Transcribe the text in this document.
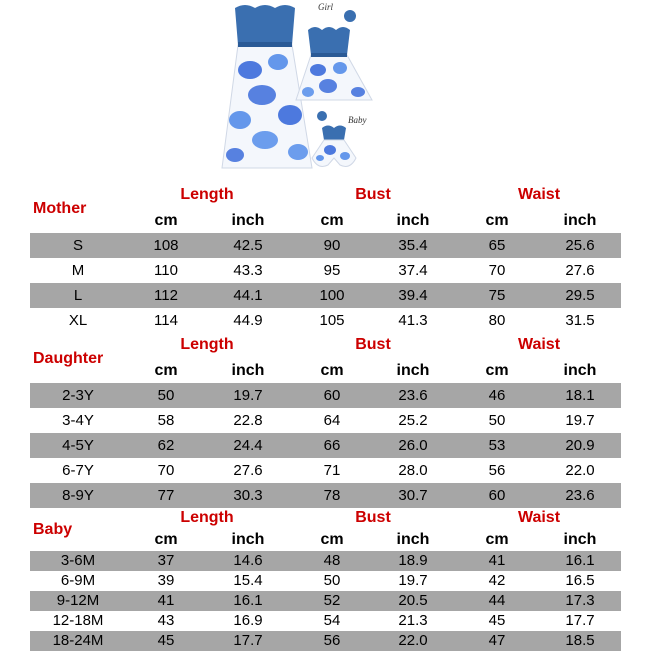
Girl
Baby
Mother
Length	Bust	Waist
cm	inch	cm	inch	cm	inch
S	108	42.5	90	35.4	65	25.6
M	110	43.3	95	37.4	70	27.6
L	112	44.1	100	39.4	75	29.5
XL	114	44.9	105	41.3	80	31.5
Daughter
Length	Bust	Waist
cm	inch	cm	inch	cm	inch
2-3Y	50	19.7	60	23.6	46	18.1
3-4Y	58	22.8	64	25.2	50	19.7
4-5Y	62	24.4	66	26.0	53	20.9
6-7Y	70	27.6	71	28.0	56	22.0
8-9Y	77	30.3	78	30.7	60	23.6
Baby
Length	Bust	Waist
cm	inch	cm	inch	cm	inch
3-6M	37	14.6	48	18.9	41	16.1
6-9M	39	15.4	50	19.7	42	16.5
9-12M	41	16.1	52	20.5	44	17.3
12-18M	43	16.9	54	21.3	45	17.7
18-24M	45	17.7	56	22.0	47	18.5
